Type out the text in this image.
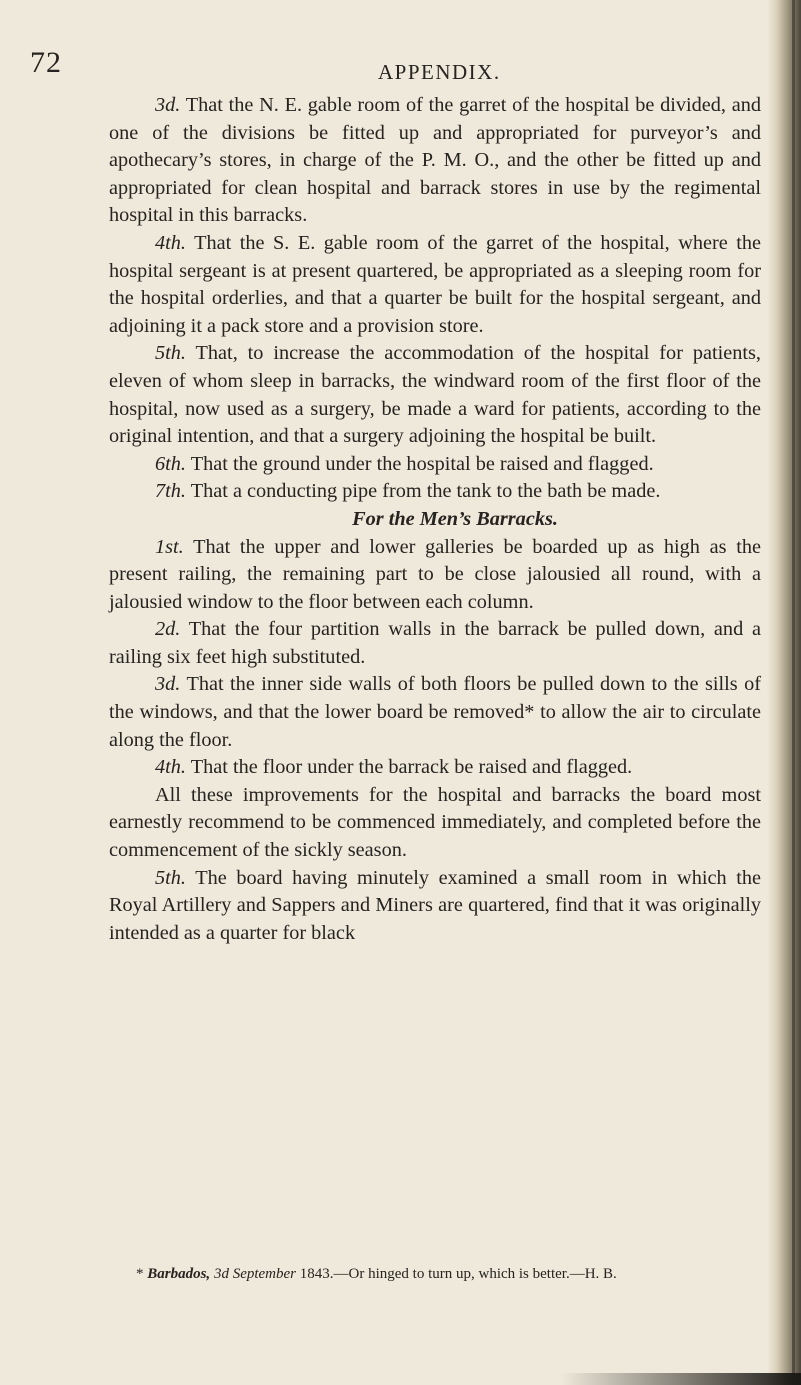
72	APPENDIX.

3d. That the N. E. gable room of the garret of the hospital be divided, and one of the divisions be fitted up and appropriated for purveyor’s and apothecary’s stores, in charge of the P. M. O., and the other be fitted up and appropriated for clean hospital and barrack stores in use by the regimental hospital in this barracks.

4th. That the S. E. gable room of the garret of the hospital, where the hospital sergeant is at present quartered, be appropriated as a sleeping room for the hospital orderlies, and that a quarter be built for the hospital sergeant, and adjoining it a pack store and a provision store.

5th. That, to increase the accommodation of the hospital for patients, eleven of whom sleep in barracks, the windward room of the first floor of the hospital, now used as a surgery, be made a ward for patients, according to the original intention, and that a surgery adjoining the hospital be built.

6th. That the ground under the hospital be raised and flagged.

7th. That a conducting pipe from the tank to the bath be made.

For the Men’s Barracks.

1st. That the upper and lower galleries be boarded up as high as the present railing, the remaining part to be close jalousied all round, with a jalousied window to the floor between each column.

2d. That the four partition walls in the barrack be pulled down, and a railing six feet high substituted.

3d. That the inner side walls of both floors be pulled down to the sills of the windows, and that the lower board be removed* to allow the air to circulate along the floor.

4th. That the floor under the barrack be raised and flagged.

All these improvements for the hospital and barracks the board most earnestly recommend to be commenced immediately, and completed before the commencement of the sickly season.

5th. The board having minutely examined a small room in which the Royal Artillery and Sappers and Miners are quartered, find that it was originally intended as a quarter for black

* Barbados, 3d September 1843.—Or hinged to turn up, which is better.—H. B.
